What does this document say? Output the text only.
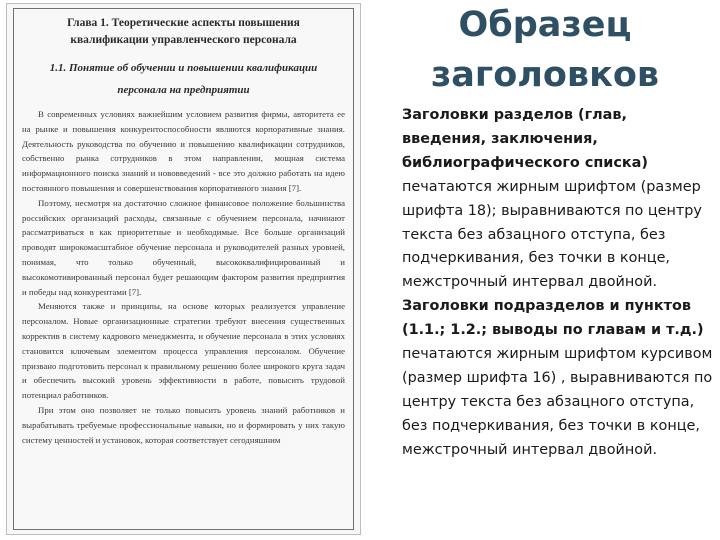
Глава 1. Теоретические аспекты повышения
квалификации управленческого персонала
1.1. Понятие об обучении и повышении квалификации
персонала на предприятии

В современных условиях важнейшим условием развития фирмы, авторитета ее на рынке и повышения конкурентоспособности являются корпоративные знания. Деятельность руководства по обучению и повышению квалификации сотрудников, собственно рынка сотрудников в этом направлении, мощная система информационного поиска знаний и нововведений - все это должно работать на идею постоянного повышения и совершенствования корпоративного знания [7].

Поэтому, несмотря на достаточно сложное финансовое положение большинства российских организаций расходы, связанные с обучением персонала, начинают рассматриваться в как приоритетные и необходимые. Все больше организаций проводят широкомасштабное обучение персонала и руководителей разных уровней, понимая, что только обученный, высококвалифицированный и высокомотивированный персонал будет решающим фактором развития предприятия и победы над конкурентами [7].

Меняются также и принципы, на основе которых реализуется управление персоналом. Новые организационные стратегии требуют внесения существенных корректив в систему кадрового менеджмента, и обучение персонала в этих условиях становится ключевым элементом процесса управления персоналом. Обучение призвано подготовить персонал к правильному решению более широкого круга задач и обеспечить высокий уровень эффективности в работе, повысить трудовой потенциал работников.

При этом оно позволяет не только повысить уровень знаний работников и вырабатывать требуемые профессиональные навыки, но и формировать у них такую систему ценностей и установок, которая соответствует сегодняшним

Образец
заголовков

Заголовки разделов (глав, введения, заключения, библиографического списка) печатаются жирным шрифтом (размер шрифта 18); выравниваются по центру текста без абзацного отступа, без подчеркивания, без точки в конце, межстрочный интервал двойной. Заголовки подразделов и пунктов (1.1.; 1.2.; выводы по главам и т.д.) печатаются жирным шрифтом курсивом (размер шрифта 16) , выравниваются по центру текста без абзацного отступа, без подчеркивания, без точки в конце, межстрочный интервал двойной.
